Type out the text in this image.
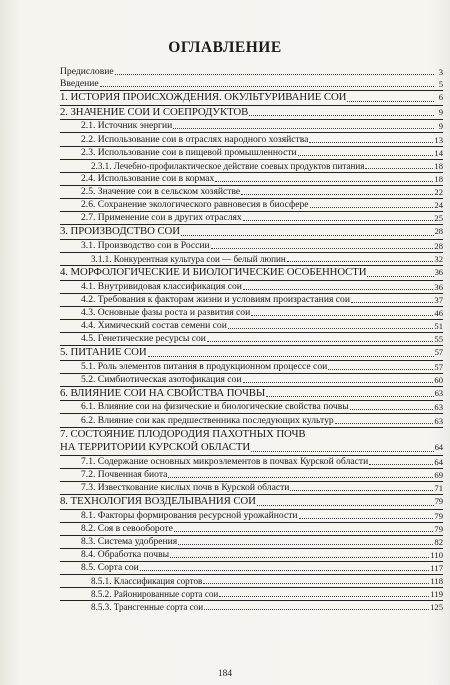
ОГЛАВЛЕНИЕ
Предисловие	3
Введение	5
1. ИСТОРИЯ ПРОИСХОЖДЕНИЯ. ОКУЛЬТУРИВАНИЕ СОИ	6
2. ЗНАЧЕНИЕ СОИ И СОЕПРОДУКТОВ	9
2.1. Источник энергии	9
2.2. Использование сои в отраслях народного хозяйства	13
2.3. Использование сои в пищевой промышленности	14
2.3.1. Лечебно-профилактическое действие соевых продуктов питания	18
2.4. Использование сои в кормах	18
2.5. Значение сои в сельском хозяйстве	22
2.6. Сохранение экологического равновесия в биосфере	24
2.7. Применение сои в других отраслях	25
3. ПРОИЗВОДСТВО СОИ	28
3.1. Производство сои в России	28
3.1.1. Конкурентная культура сои — белый люпин	32
4. МОРФОЛОГИЧЕСКИЕ И БИОЛОГИЧЕСКИЕ ОСОБЕННОСТИ	36
4.1. Внутривидовая классификация сои	36
4.2. Требования к факторам жизни и условиям произрастания сои	37
4.3. Основные фазы роста и развития сои	46
4.4. Химический состав семени сои	51
4.5. Генетические ресурсы сои	55
5. ПИТАНИЕ СОИ	57
5.1. Роль элементов питания в продукционном процессе сои	57
5.2. Симбиотическая азотофикация сои	60
6. ВЛИЯНИЕ СОИ НА СВОЙСТВА ПОЧВЫ	63
6.1. Влияние сои на физические и биологические свойства почвы	63
6.2. Влияние сои как предшественника последующих культур	63
7. СОСТОЯНИЕ ПЛОДОРОДИЯ ПАХОТНЫХ ПОЧВ
НА ТЕРРИТОРИИ КУРСКОЙ ОБЛАСТИ	64
7.1. Содержание основных микроэлементов в почвах Курской области	64
7.2. Почвенная биота	69
7.3. Известкование кислых почв в Курской области	71
8. ТЕХНОЛОГИЯ ВОЗДЕЛЫВАНИЯ СОИ	79
8.1. Факторы формирования ресурсной урожайности	79
8.2. Соя в севообороте	79
8.3. Система удобрения	82
8.4. Обработка почвы	110
8.5. Сорта сои	117
8.5.1. Классификация сортов	118
8.5.2. Районированные сорта сои	119
8.5.3. Трансгенные сорта сои	125
184
